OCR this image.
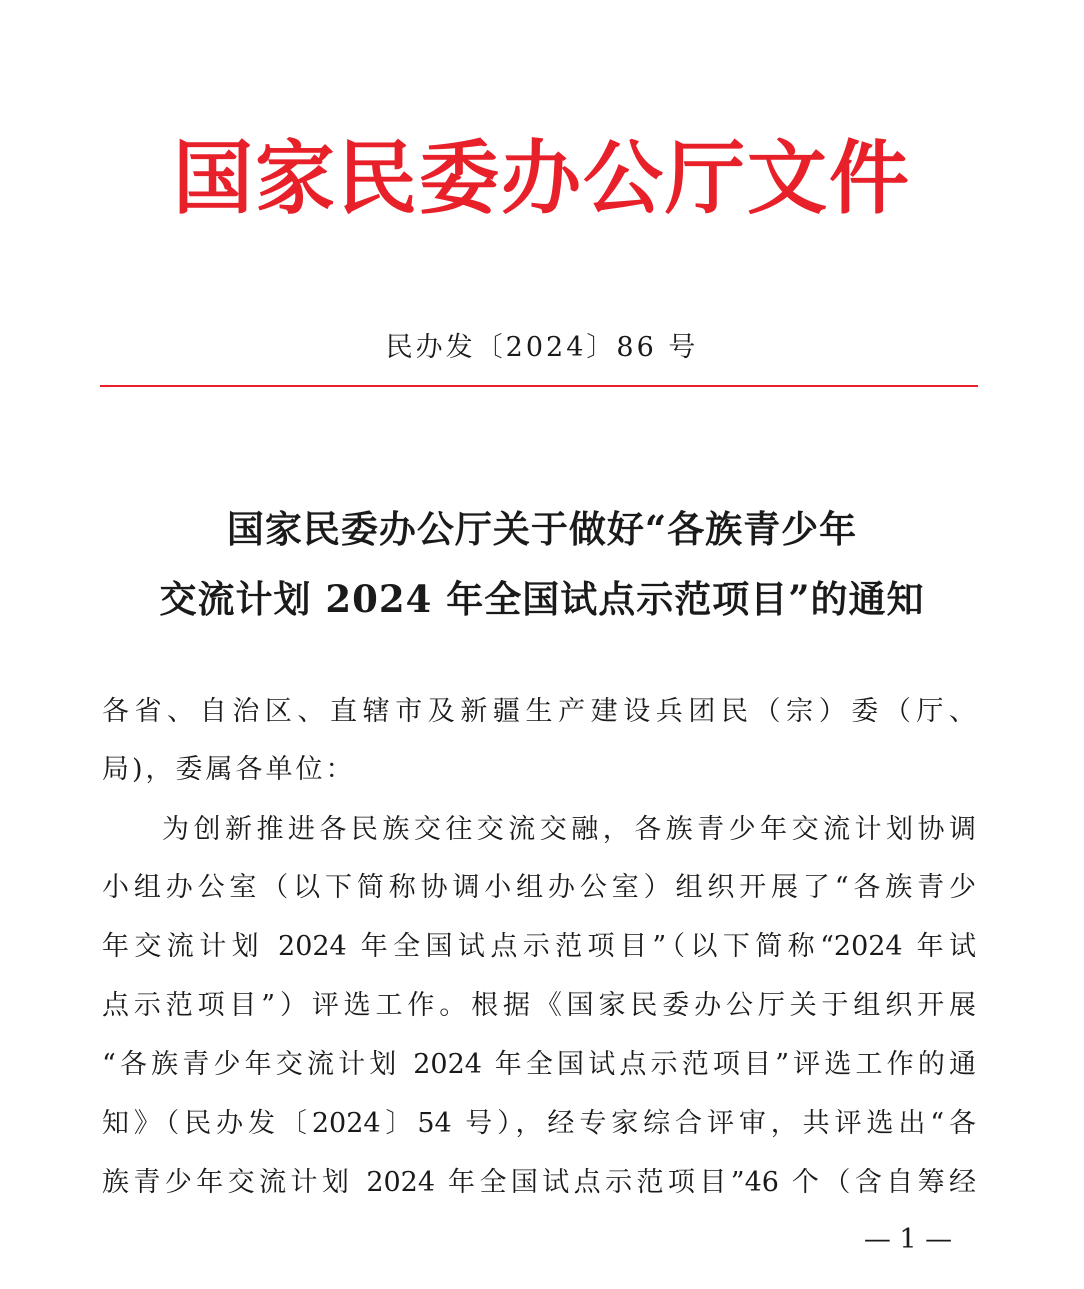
国家民委办公厅文件
民办发〔2024〕86 号
国家民委办公厅关于做好“各族青少年
交流计划 2024 年全国试点示范项目”的通知
各省、自治区、直辖市及新疆生产建设兵团民（宗）委（厅、
局)，委属各单位：
为创新推进各民族交往交流交融，各族青少年交流计划协调
小组办公室（以下简称协调小组办公室）组织开展了“各族青少
年交流计划 2024 年全国试点示范项目”（以下简称“2024 年试
点示范项目”）评选工作。根据《国家民委办公厅关于组织开展
“各族青少年交流计划 2024 年全国试点示范项目”评选工作的通
知》（民办发〔2024〕54 号），经专家综合评审，共评选出“各
族青少年交流计划 2024 年全国试点示范项目”46 个（含自筹经
— 1 —
